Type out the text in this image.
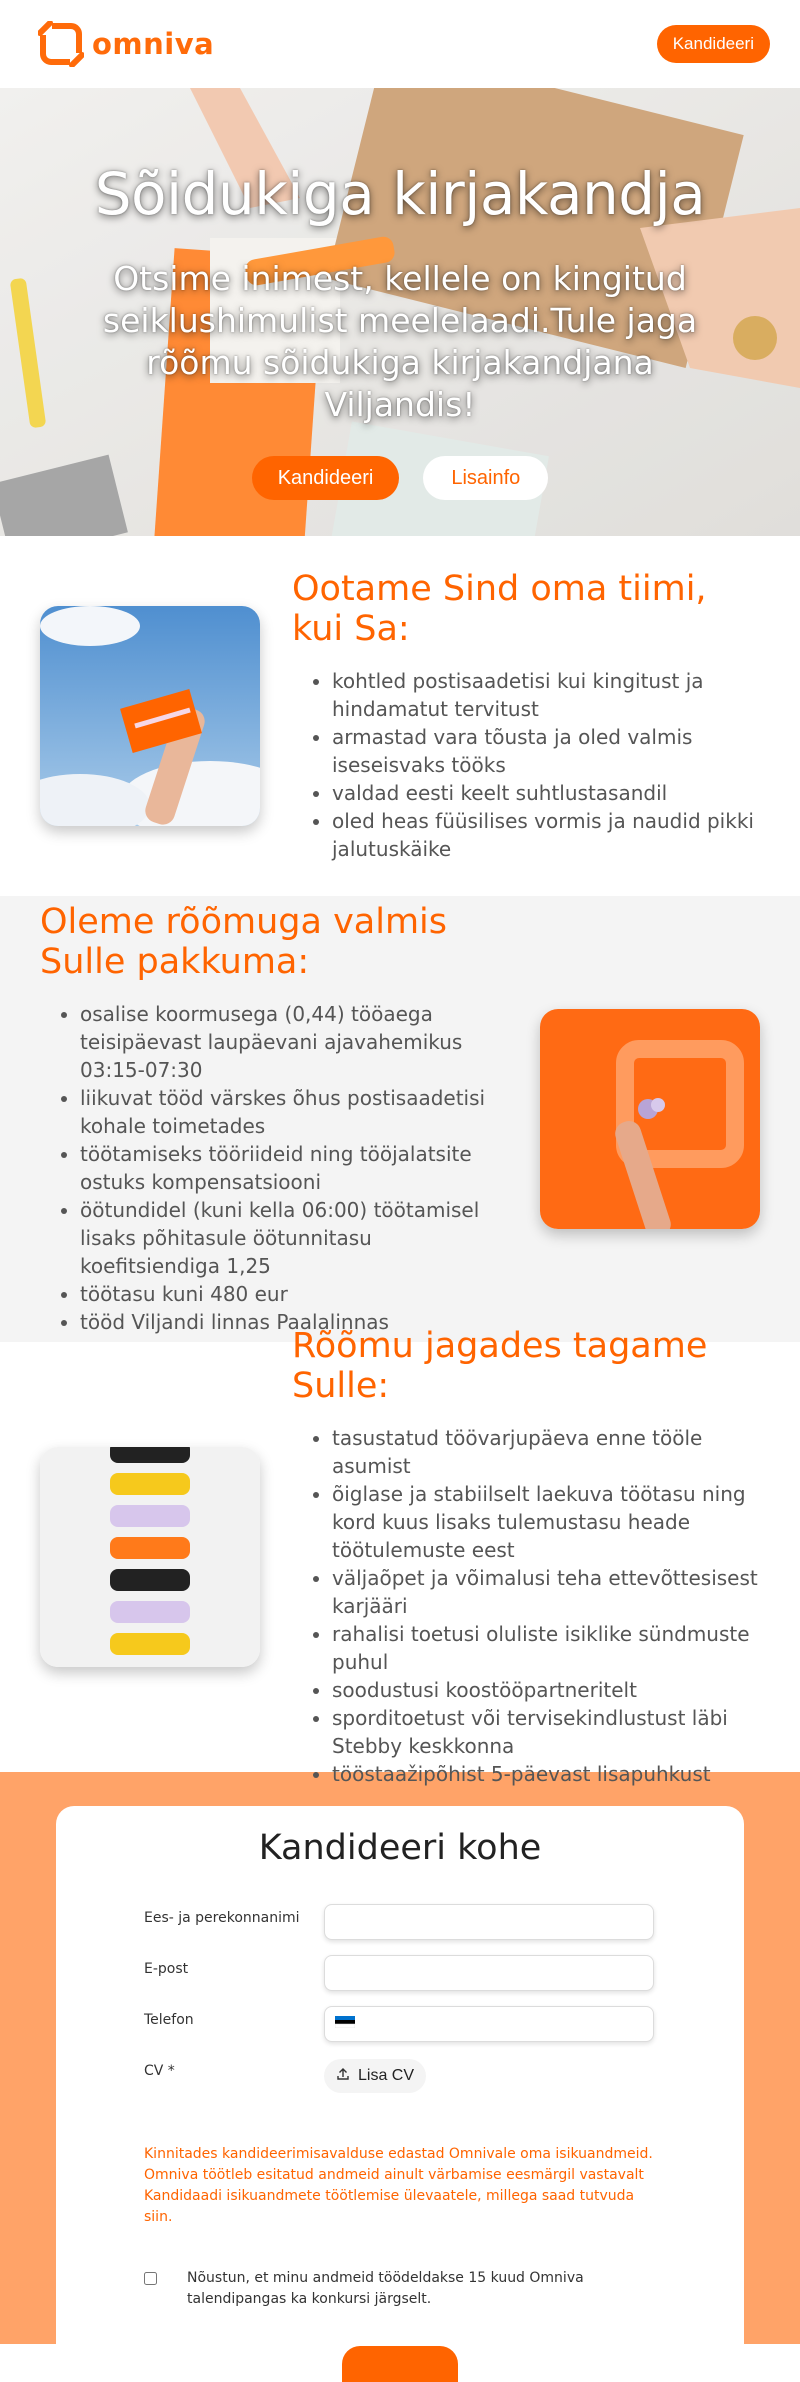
omniva	Kandideeri
Sõidukiga kirjakandja

Otsime inimest, kellele on kingitud seiklushimulist meelelaadi.Tule jaga rõõmu sõidukiga kirjakandjana Viljandis!

Kandideeri	Lisainfo
Ootame Sind oma tiimi, kui Sa:
• kohtled postisaadetisi kui kingitust ja hindamatut tervitust
• armastad vara tõusta ja oled valmis iseseisvaks tööks
• valdad eesti keelt suhtlustasandil
• oled heas füüsilises vormis ja naudid pikki jalutuskäike
Oleme rõõmuga valmis Sulle pakkuma:
• osalise koormusega (0,44) tööaega teisipäevast laupäevani ajavahemikus 03:15-07:30
• liikuvat tööd värskes õhus postisaadetisi kohale toimetades
• töötamiseks tööriideid ning tööjalatsite ostuks kompensatsiooni
• öötundidel (kuni kella 06:00) töötamisel lisaks põhitasule öötunnitasu koefitsiendiga 1,25
• töötasu kuni 480 eur
• tööd Viljandi linnas Paalalinnas
Rõõmu jagades tagame Sulle:
• tasustatud töövarjupäeva enne tööle asumist
• õiglase ja stabiilselt laekuva töötasu ning kord kuus lisaks tulemustasu heade töötulemuste eest
• väljaõpet ja võimalusi teha ettevõttesisest karjääri
• rahalisi toetusi oluliste isiklike sündmuste puhul
• soodustusi koostööpartneritelt
• sporditoetust või tervisekindlustust läbi Stebby keskkonna
• tööstaažipõhist 5-päevast lisapuhkust
Kandideeri kohe
Ees- ja perekonnanimi
E-post
Telefon
CV *	Lisa CV

Kinnitades kandideerimisavalduse edastad Omnivale oma isikuandmeid. Omniva töötleb esitatud andmeid ainult värbamise eesmärgil vastavalt Kandidaadi isikuandmete töötlemise ülevaatele, millega saad tutvuda siin.

Nõustun, et minu andmeid töödeldakse 15 kuud Omniva talendipangas ka konkursi järgselt.
